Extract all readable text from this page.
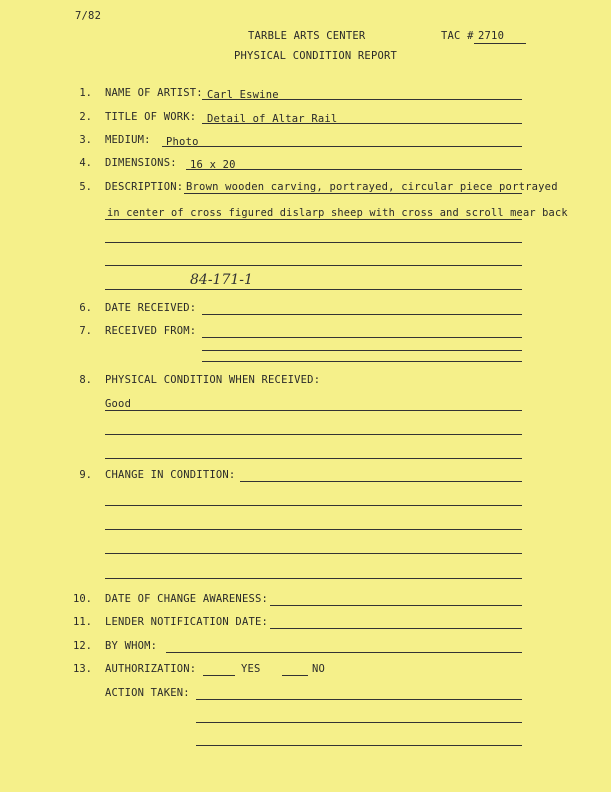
7/82
TARBLE ARTS CENTER	TAC # 2710
PHYSICAL CONDITION REPORT
1. NAME OF ARTIST: Carl Eswine
2. TITLE OF WORK: Detail of Altar Rail
3. MEDIUM: Photo
4. DIMENSIONS: 16 x 20
5. DESCRIPTION: Brown wooden carving, portrayed, circular piece portrayed
in center of cross figured dislarp sheep with cross and scroll mear back
84-171-1
6. DATE RECEIVED:
7. RECEIVED FROM:
8. PHYSICAL CONDITION WHEN RECEIVED:
Good
9. CHANGE IN CONDITION:
10. DATE OF CHANGE AWARENESS:
11. LENDER NOTIFICATION DATE:
12. BY WHOM:
13. AUTHORIZATION:	YES	NO
ACTION TAKEN:
